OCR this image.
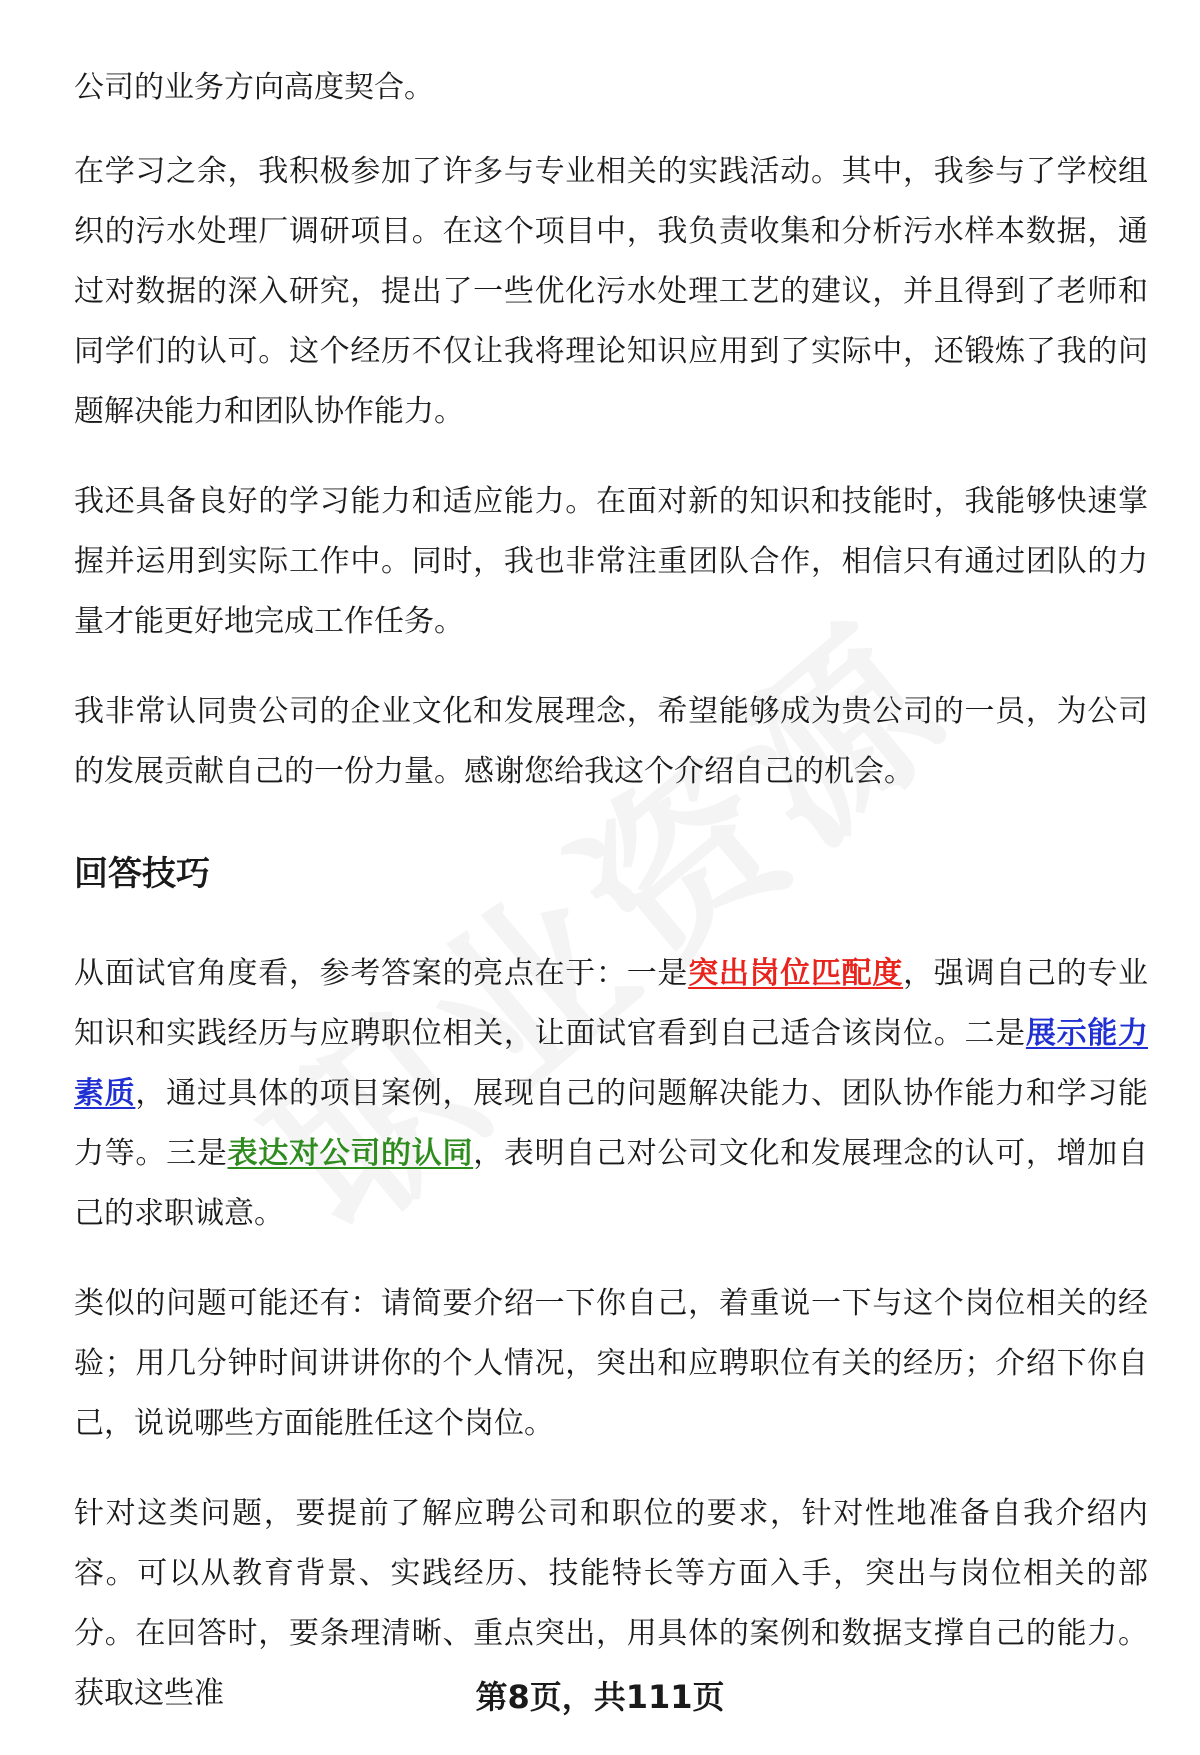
公司的业务方向高度契合。

在学习之余，我积极参加了许多与专业相关的实践活动。其中，我参与了学校组织的污水处理厂调研项目。在这个项目中，我负责收集和分析污水样本数据，通过对数据的深入研究，提出了一些优化污水处理工艺的建议，并且得到了老师和同学们的认可。这个经历不仅让我将理论知识应用到了实际中，还锻炼了我的问题解决能力和团队协作能力。

我还具备良好的学习能力和适应能力。在面对新的知识和技能时，我能够快速掌握并运用到实际工作中。同时，我也非常注重团队合作，相信只有通过团队的力量才能更好地完成工作任务。

我非常认同贵公司的企业文化和发展理念，希望能够成为贵公司的一员，为公司的发展贡献自己的一份力量。感谢您给我这个介绍自己的机会。

回答技巧

从面试官角度看，参考答案的亮点在于：一是突出岗位匹配度，强调自己的专业知识和实践经历与应聘职位相关，让面试官看到自己适合该岗位。二是展示能力素质，通过具体的项目案例，展现自己的问题解决能力、团队协作能力和学习能力等。三是表达对公司的认同，表明自己对公司文化和发展理念的认可，增加自己的求职诚意。

类似的问题可能还有：请简要介绍一下你自己，着重说一下与这个岗位相关的经验；用几分钟时间讲讲你的个人情况，突出和应聘职位有关的经历；介绍下你自己，说说哪些方面能胜任这个岗位。

针对这类问题，要提前了解应聘公司和职位的要求，针对性地准备自我介绍内容。可以从教育背景、实践经历、技能特长等方面入手，突出与岗位相关的部分。在回答时，要条理清晰、重点突出，用具体的案例和数据支撑自己的能力。获取这些准	第8页，共111页
